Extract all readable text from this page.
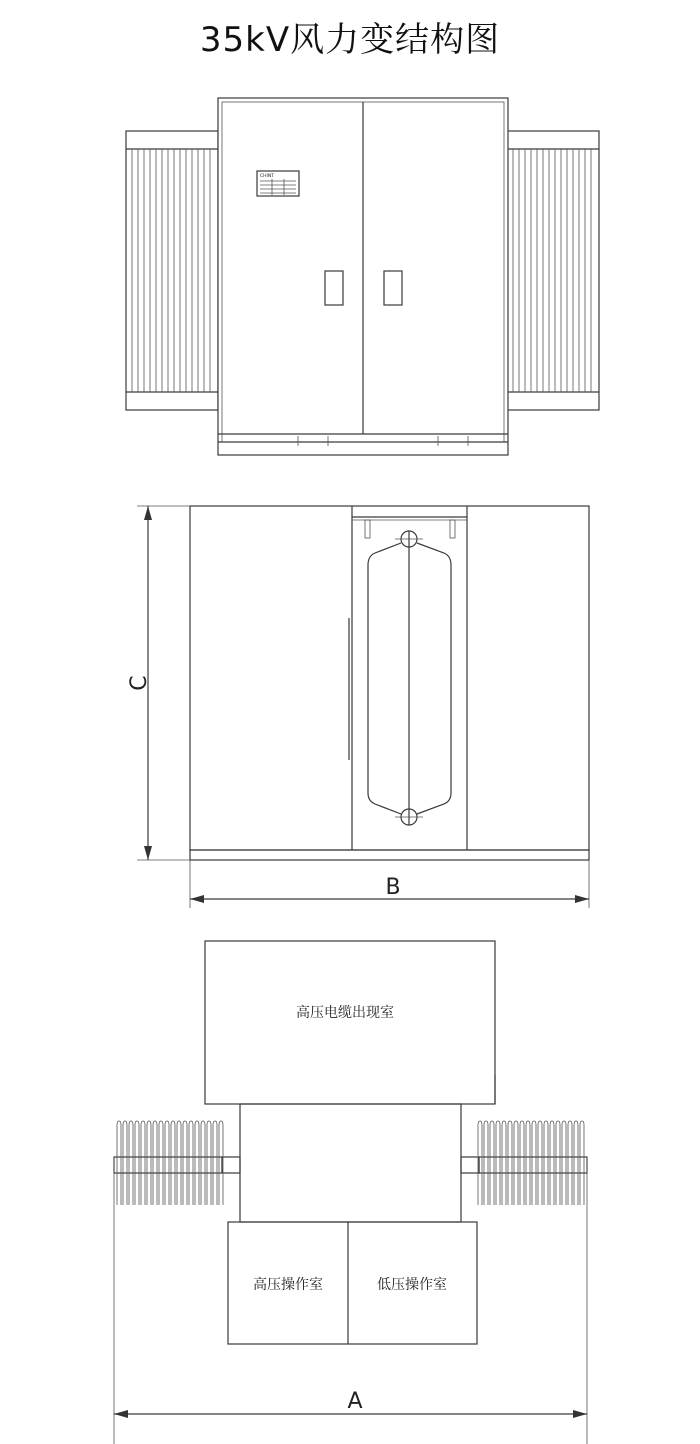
35kV风力变结构图
CHINT
C
B
高压电缆出现室
高压操作室	低压操作室
A
